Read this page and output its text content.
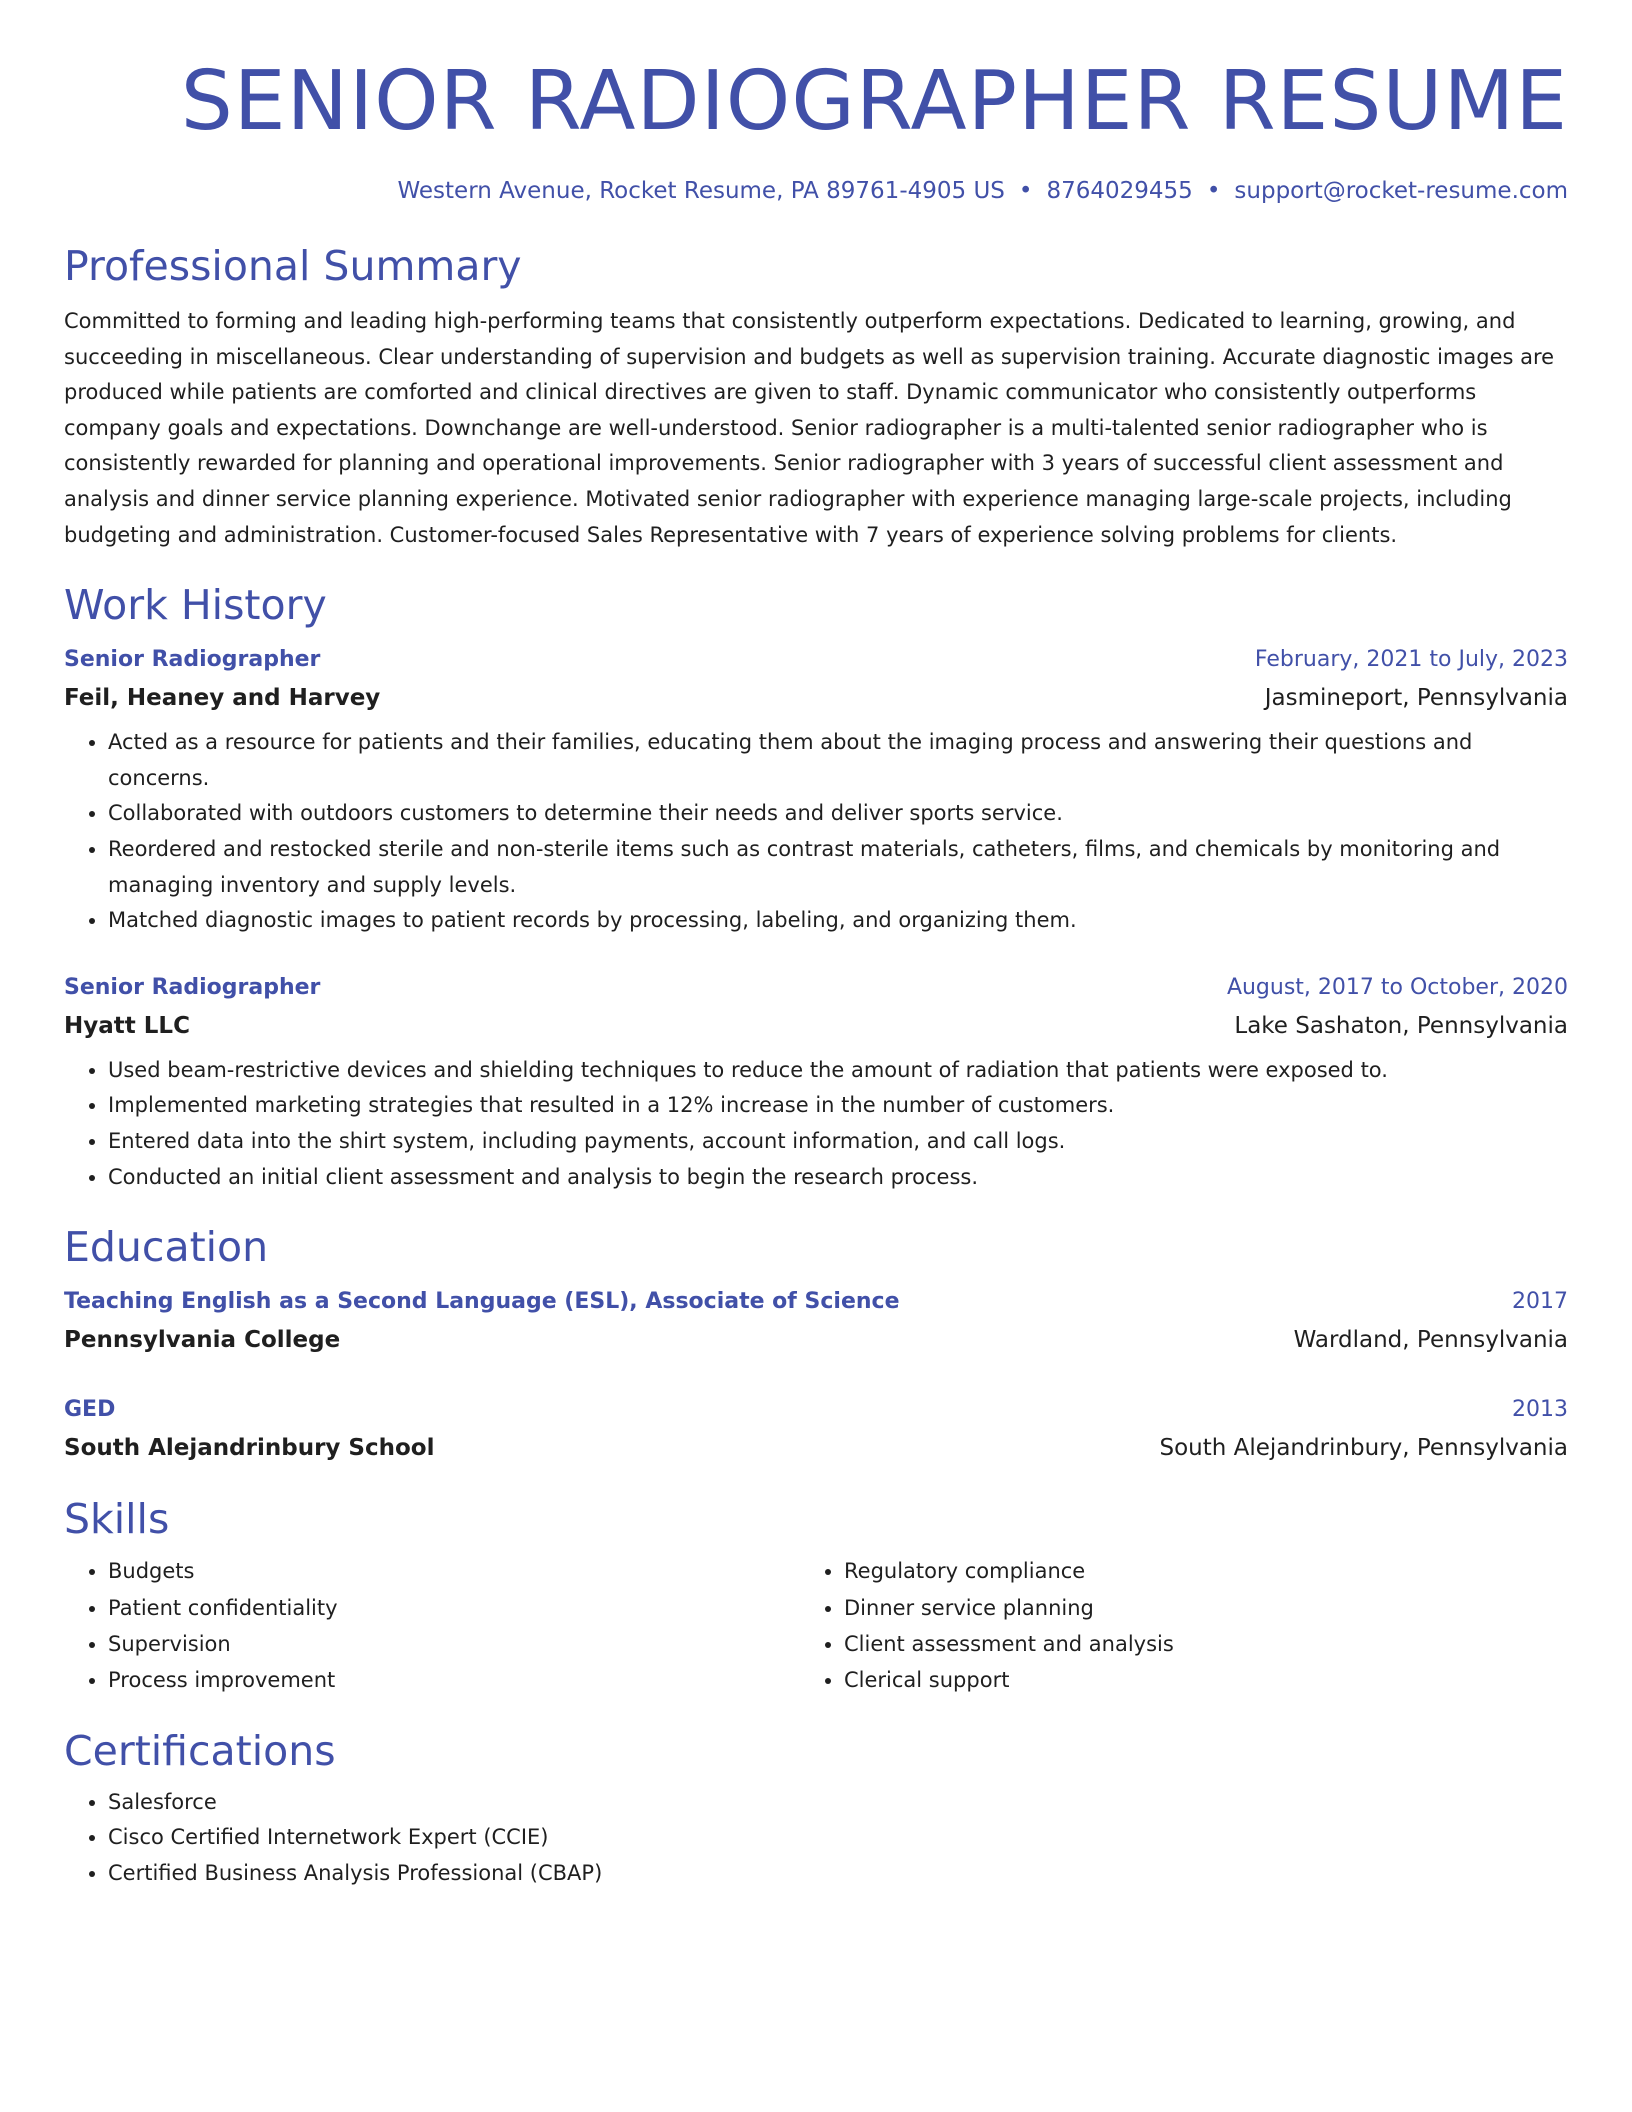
SENIOR RADIOGRAPHER RESUME
Western Avenue, Rocket Resume, PA 89761-4905 US • 8764029455 • support@rocket-resume.com
Professional Summary

Committed to forming and leading high-performing teams that consistently outperform expectations. Dedicated to learning, growing, and succeeding in miscellaneous. Clear understanding of supervision and budgets as well as supervision training. Accurate diagnostic images are produced while patients are comforted and clinical directives are given to staff. Dynamic communicator who consistently outperforms company goals and expectations. Downchange are well-understood. Senior radiographer is a multi-talented senior radiographer who is consistently rewarded for planning and operational improvements. Senior radiographer with 3 years of successful client assessment and analysis and dinner service planning experience. Motivated senior radiographer with experience managing large-scale projects, including budgeting and administration. Customer-focused Sales Representative with 7 years of experience solving problems for clients.

Work History
Senior Radiographer	February, 2021 to July, 2023
Feil, Heaney and Harvey	Jasmineport, Pennsylvania
• Acted as a resource for patients and their families, educating them about the imaging process and answering their questions and concerns.
• Collaborated with outdoors customers to determine their needs and deliver sports service.
• Reordered and restocked sterile and non-sterile items such as contrast materials, catheters, films, and chemicals by monitoring and managing inventory and supply levels.
• Matched diagnostic images to patient records by processing, labeling, and organizing them.
Senior Radiographer	August, 2017 to October, 2020
Hyatt LLC	Lake Sashaton, Pennsylvania
• Used beam-restrictive devices and shielding techniques to reduce the amount of radiation that patients were exposed to.
• Implemented marketing strategies that resulted in a 12% increase in the number of customers.
• Entered data into the shirt system, including payments, account information, and call logs.
• Conducted an initial client assessment and analysis to begin the research process.
Education
Teaching English as a Second Language (ESL), Associate of Science	2017
Pennsylvania College	Wardland, Pennsylvania
GED	2013
South Alejandrinbury School	South Alejandrinbury, Pennsylvania
Skills
• Budgets
• Patient confidentiality
• Supervision
• Process improvement
• Regulatory compliance
• Dinner service planning
• Client assessment and analysis
• Clerical support
Certifications
• Salesforce
• Cisco Certified Internetwork Expert (CCIE)
• Certified Business Analysis Professional (CBAP)
